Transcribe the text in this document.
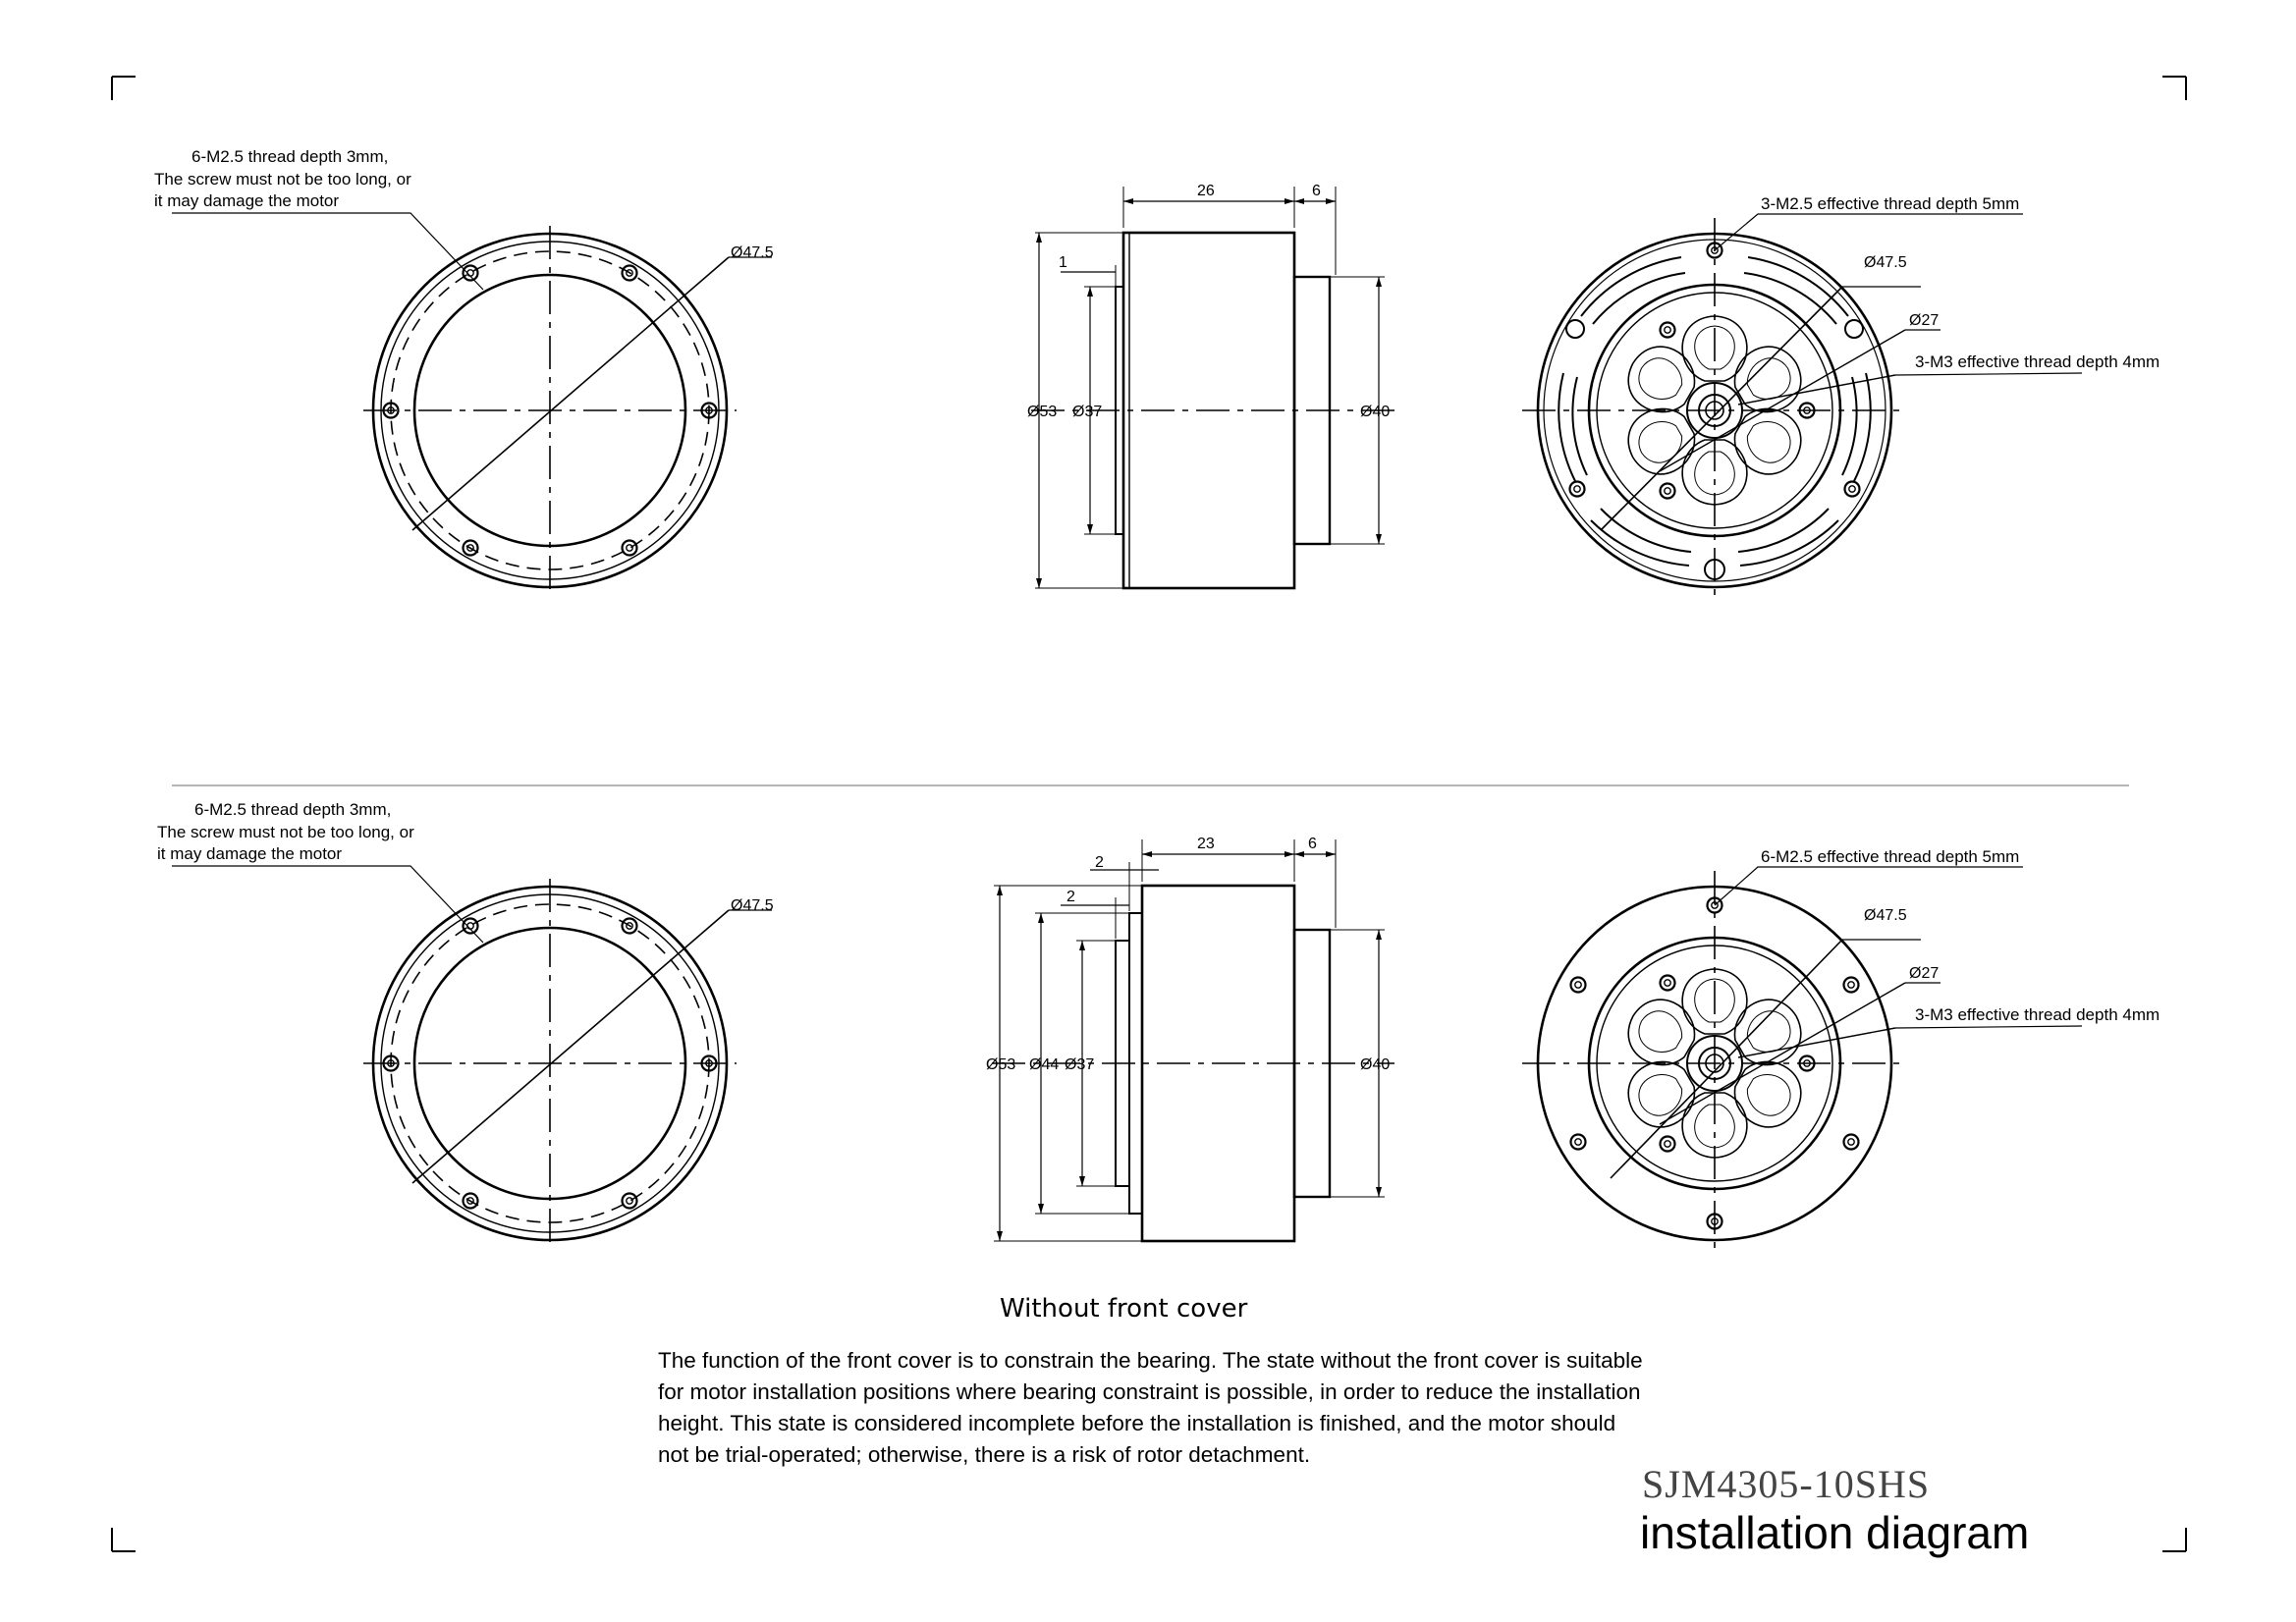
6-M2.5 thread depth 3mm,
The screw must not be too long, or
it may damage the motor
Ø47.5
26	6
1
Ø53 Ø37	Ø40
3-M2.5 effective thread depth 5mm
Ø47.5
Ø27
3-M3 effective thread depth 4mm
6-M2.5 thread depth 3mm,
The screw must not be too long, or
it may damage the motor
Ø47.5
2
2
23	6
Ø53 Ø44 Ø37	Ø40
6-M2.5 effective thread depth 5mm
Ø47.5
Ø27
3-M3 effective thread depth 4mm
Without front cover
The function of the front cover is to constrain the bearing. The state without the front cover is suitable
for motor installation positions where bearing constraint is possible, in order to reduce the installation
height. This state is considered incomplete before the installation is finished, and the motor should
not be trial-operated; otherwise, there is a risk of rotor detachment.
SJM4305-10SHS
installation diagram
